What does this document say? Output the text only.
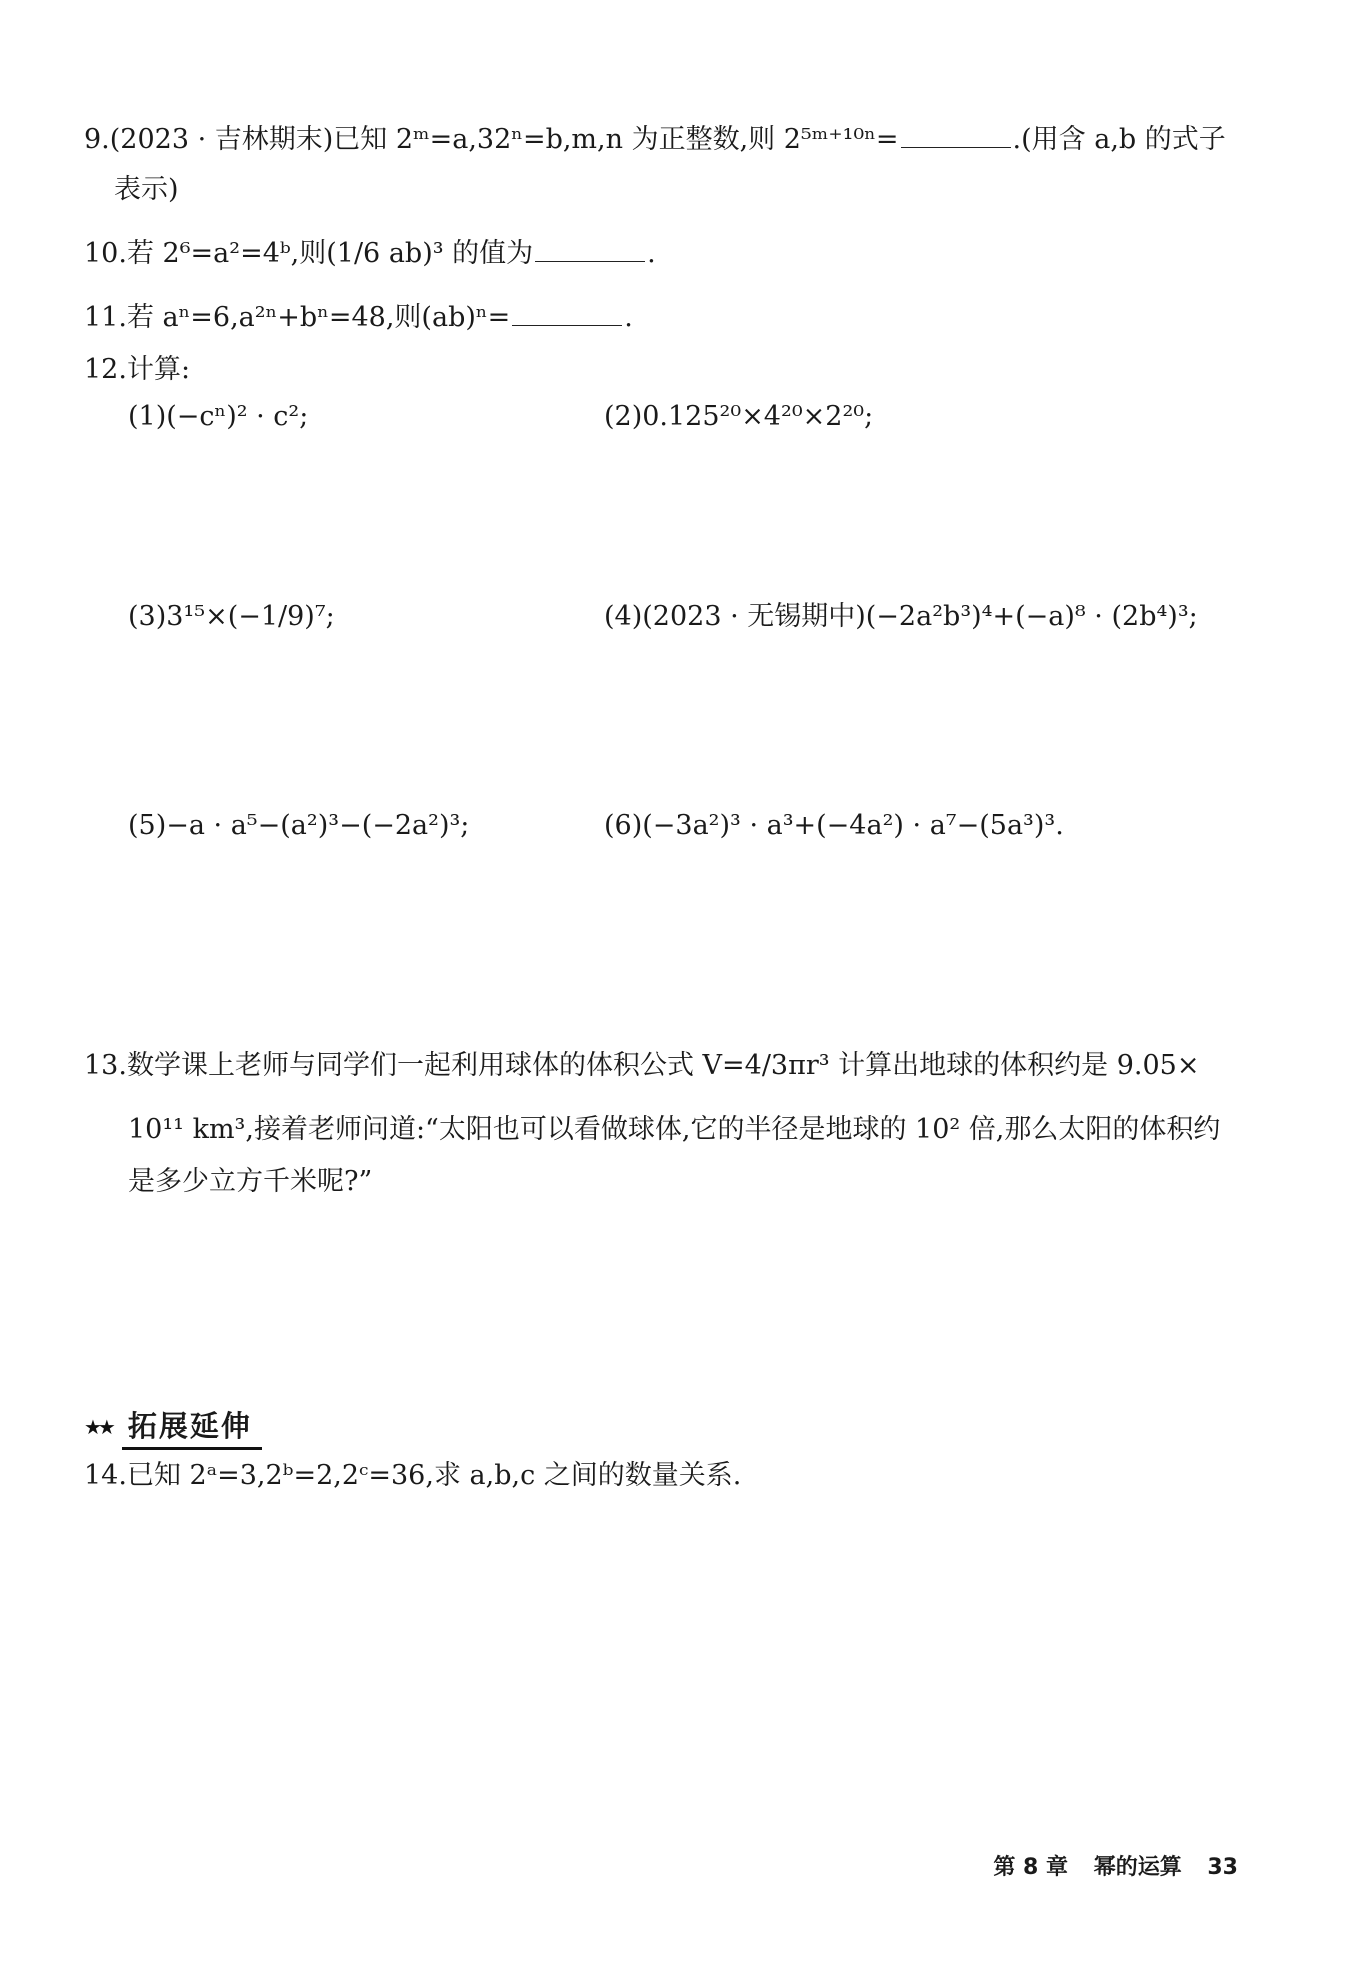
9.(2023 · 吉林期末)已知 2ᵐ=a,32ⁿ=b,m,n 为正整数,则 2⁵ᵐ⁺¹⁰ⁿ=	.(用含 a,b 的式子
表示)
10.若 2⁶=a²=4ᵇ,则(1/6 ab)³ 的值为	.
11.若 aⁿ=6,a²ⁿ+bⁿ=48,则(ab)ⁿ=	.
12.计算:
(1)(−cⁿ)² · c²;	(2)0.125²⁰×4²⁰×2²⁰;
(3)3¹⁵×(−1/9)⁷;	(4)(2023 · 无锡期中)(−2a²b³)⁴+(−a)⁸ · (2b⁴)³;
(5)−a · a⁵−(a²)³−(−2a²)³;	(6)(−3a²)³ · a³+(−4a²) · a⁷−(5a³)³.
13.数学课上老师与同学们一起利用球体的体积公式 V=4/3πr³ 计算出地球的体积约是 9.05×
10¹¹ km³,接着老师问道:“太阳也可以看做球体,它的半径是地球的 10² 倍,那么太阳的体积约
是多少立方千米呢?”
★★ 拓展延伸
14.已知 2ᵃ=3,2ᵇ=2,2ᶜ=36,求 a,b,c 之间的数量关系.
第 8 章 幂的运算 33
